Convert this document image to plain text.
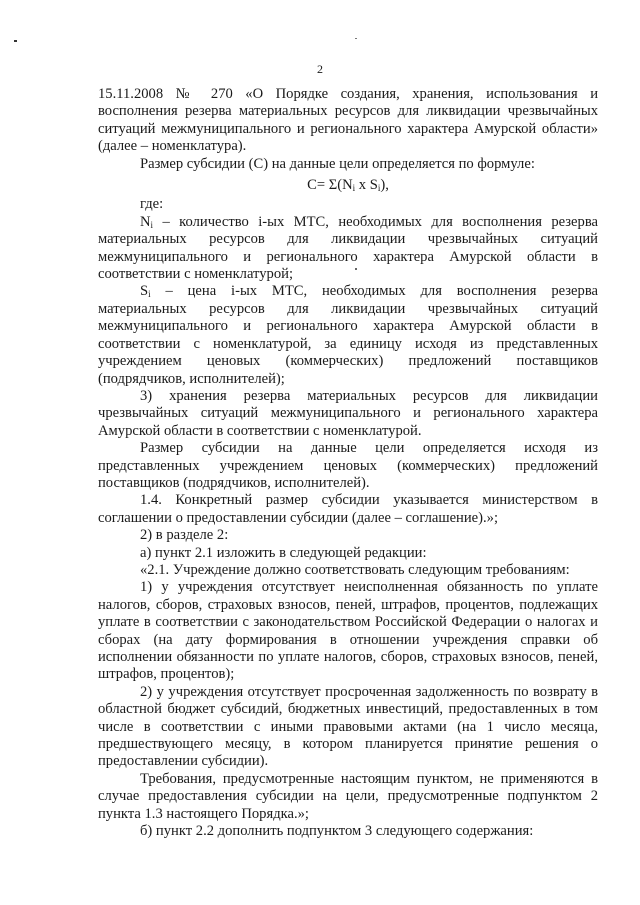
2

15.11.2008 № 270 «О Порядке создания, хранения, использования и восполнения резерва материальных ресурсов для ликвидации чрезвычайных ситуаций межмуниципального и регионального характера Амурской области» (далее – номенклатура).

Размер субсидии (С) на данные цели определяется по формуле:

$C= \Sigma(N_i$ x $S_i$),

где:

$N_i$ – количество i-ых МТС, необходимых для восполнения резерва материальных ресурсов для ликвидации чрезвычайных ситуаций межмуниципального и регионального характера Амурской области в соответствии с номенклатурой;

$S_i$ – цена i-ых МТС, необходимых для восполнения резерва материальных ресурсов для ликвидации чрезвычайных ситуаций межмуниципального и регионального характера Амурской области в соответствии с номенклатурой, за единицу исходя из представленных учреждением ценовых (коммерческих) предложений поставщиков (подрядчиков, исполнителей);

3) хранения резерва материальных ресурсов для ликвидации чрезвычайных ситуаций межмуниципального и регионального характера Амурской области в соответствии с номенклатурой.

Размер субсидии на данные цели определяется исходя из представленных учреждением ценовых (коммерческих) предложений поставщиков (подрядчиков, исполнителей).

1.4. Конкретный размер субсидии указывается министерством в соглашении о предоставлении субсидии (далее – соглашение).»;

2) в разделе 2:

а) пункт 2.1 изложить в следующей редакции:

«2.1. Учреждение должно соответствовать следующим требованиям:

1) у учреждения отсутствует неисполненная обязанность по уплате налогов, сборов, страховых взносов, пеней, штрафов, процентов, подлежащих уплате в соответствии с законодательством Российской Федерации о налогах и сборах (на дату формирования в отношении учреждения справки об исполнении обязанности по уплате налогов, сборов, страховых взносов, пеней, штрафов, процентов);

2) у учреждения отсутствует просроченная задолженность по возврату в областной бюджет субсидий, бюджетных инвестиций, предоставленных в том числе в соответствии с иными правовыми актами (на 1 число месяца, предшествующего месяцу, в котором планируется принятие решения о предоставлении субсидии).

Требования, предусмотренные настоящим пунктом, не применяются в случае предоставления субсидии на цели, предусмотренные подпунктом 2 пункта 1.3 настоящего Порядка.»;

б) пункт 2.2 дополнить подпунктом 3 следующего содержания:
